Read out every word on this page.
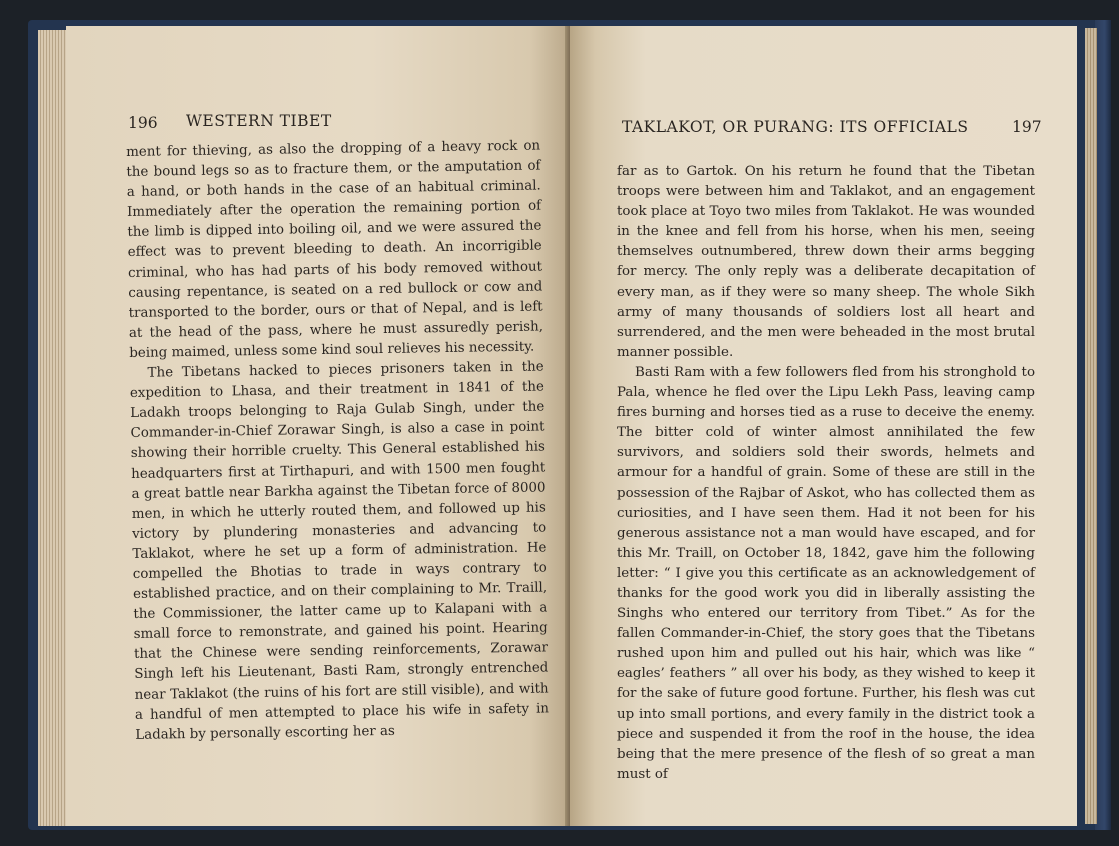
196 WESTERN TIBET

ment for thieving, as also the dropping of a heavy rock on the bound legs so as to fracture them, or the amputation of a hand, or both hands in the case of an habitual criminal. Immediately after the operation the remaining portion of the limb is dipped into boiling oil, and we were assured the effect was to prevent bleeding to death. An incorrigible criminal, who has had parts of his body removed without causing repentance, is seated on a red bullock or cow and transported to the border, ours or that of Nepal, and is left at the head of the pass, where he must assuredly perish, being maimed, unless some kind soul relieves his necessity.

The Tibetans hacked to pieces prisoners taken in the expedition to Lhasa, and their treatment in 1841 of the Ladakh troops belonging to Raja Gulab Singh, under the Commander-in-Chief Zorawar Singh, is also a case in point showing their horrible cruelty. This General established his headquarters first at Tirthapuri, and with 1500 men fought a great battle near Barkha against the Tibetan force of 8000 men, in which he utterly routed them, and followed up his victory by plundering monasteries and advancing to Taklakot, where he set up a form of administration. He compelled the Bhotias to trade in ways contrary to established practice, and on their complaining to Mr. Traill, the Commissioner, the latter came up to Kalapani with a small force to remonstrate, and gained his point. Hearing that the Chinese were sending reinforcements, Zorawar Singh left his Lieutenant, Basti Ram, strongly entrenched near Taklakot (the ruins of his fort are still visible), and with a handful of men attempted to place his wife in safety in Ladakh by personally escorting her as

TAKLAKOT, OR PURANG: ITS OFFICIALS	197

far as to Gartok. On his return he found that the Tibetan troops were between him and Taklakot, and an engagement took place at Toyo two miles from Taklakot. He was wounded in the knee and fell from his horse, when his men, seeing themselves outnumbered, threw down their arms begging for mercy. The only reply was a deliberate decapitation of every man, as if they were so many sheep. The whole Sikh army of many thousands of soldiers lost all heart and surrendered, and the men were beheaded in the most brutal manner possible.

Basti Ram with a few followers fled from his stronghold to Pala, whence he fled over the Lipu Lekh Pass, leaving camp fires burning and horses tied as a ruse to deceive the enemy. The bitter cold of winter almost annihilated the few survivors, and soldiers sold their swords, helmets and armour for a handful of grain. Some of these are still in the possession of the Rajbar of Askot, who has collected them as curiosities, and I have seen them. Had it not been for his generous assistance not a man would have escaped, and for this Mr. Traill, on October 18, 1842, gave him the following letter: “ I give you this certificate as an acknowledgement of thanks for the good work you did in liberally assisting the Singhs who entered our territory from Tibet.” As for the fallen Commander-in-Chief, the story goes that the Tibetans rushed upon him and pulled out his hair, which was like “ eagles’ feathers ” all over his body, as they wished to keep it for the sake of future good fortune. Further, his flesh was cut up into small portions, and every family in the district took a piece and suspended it from the roof in the house, the idea being that the mere presence of the flesh of so great a man must of
